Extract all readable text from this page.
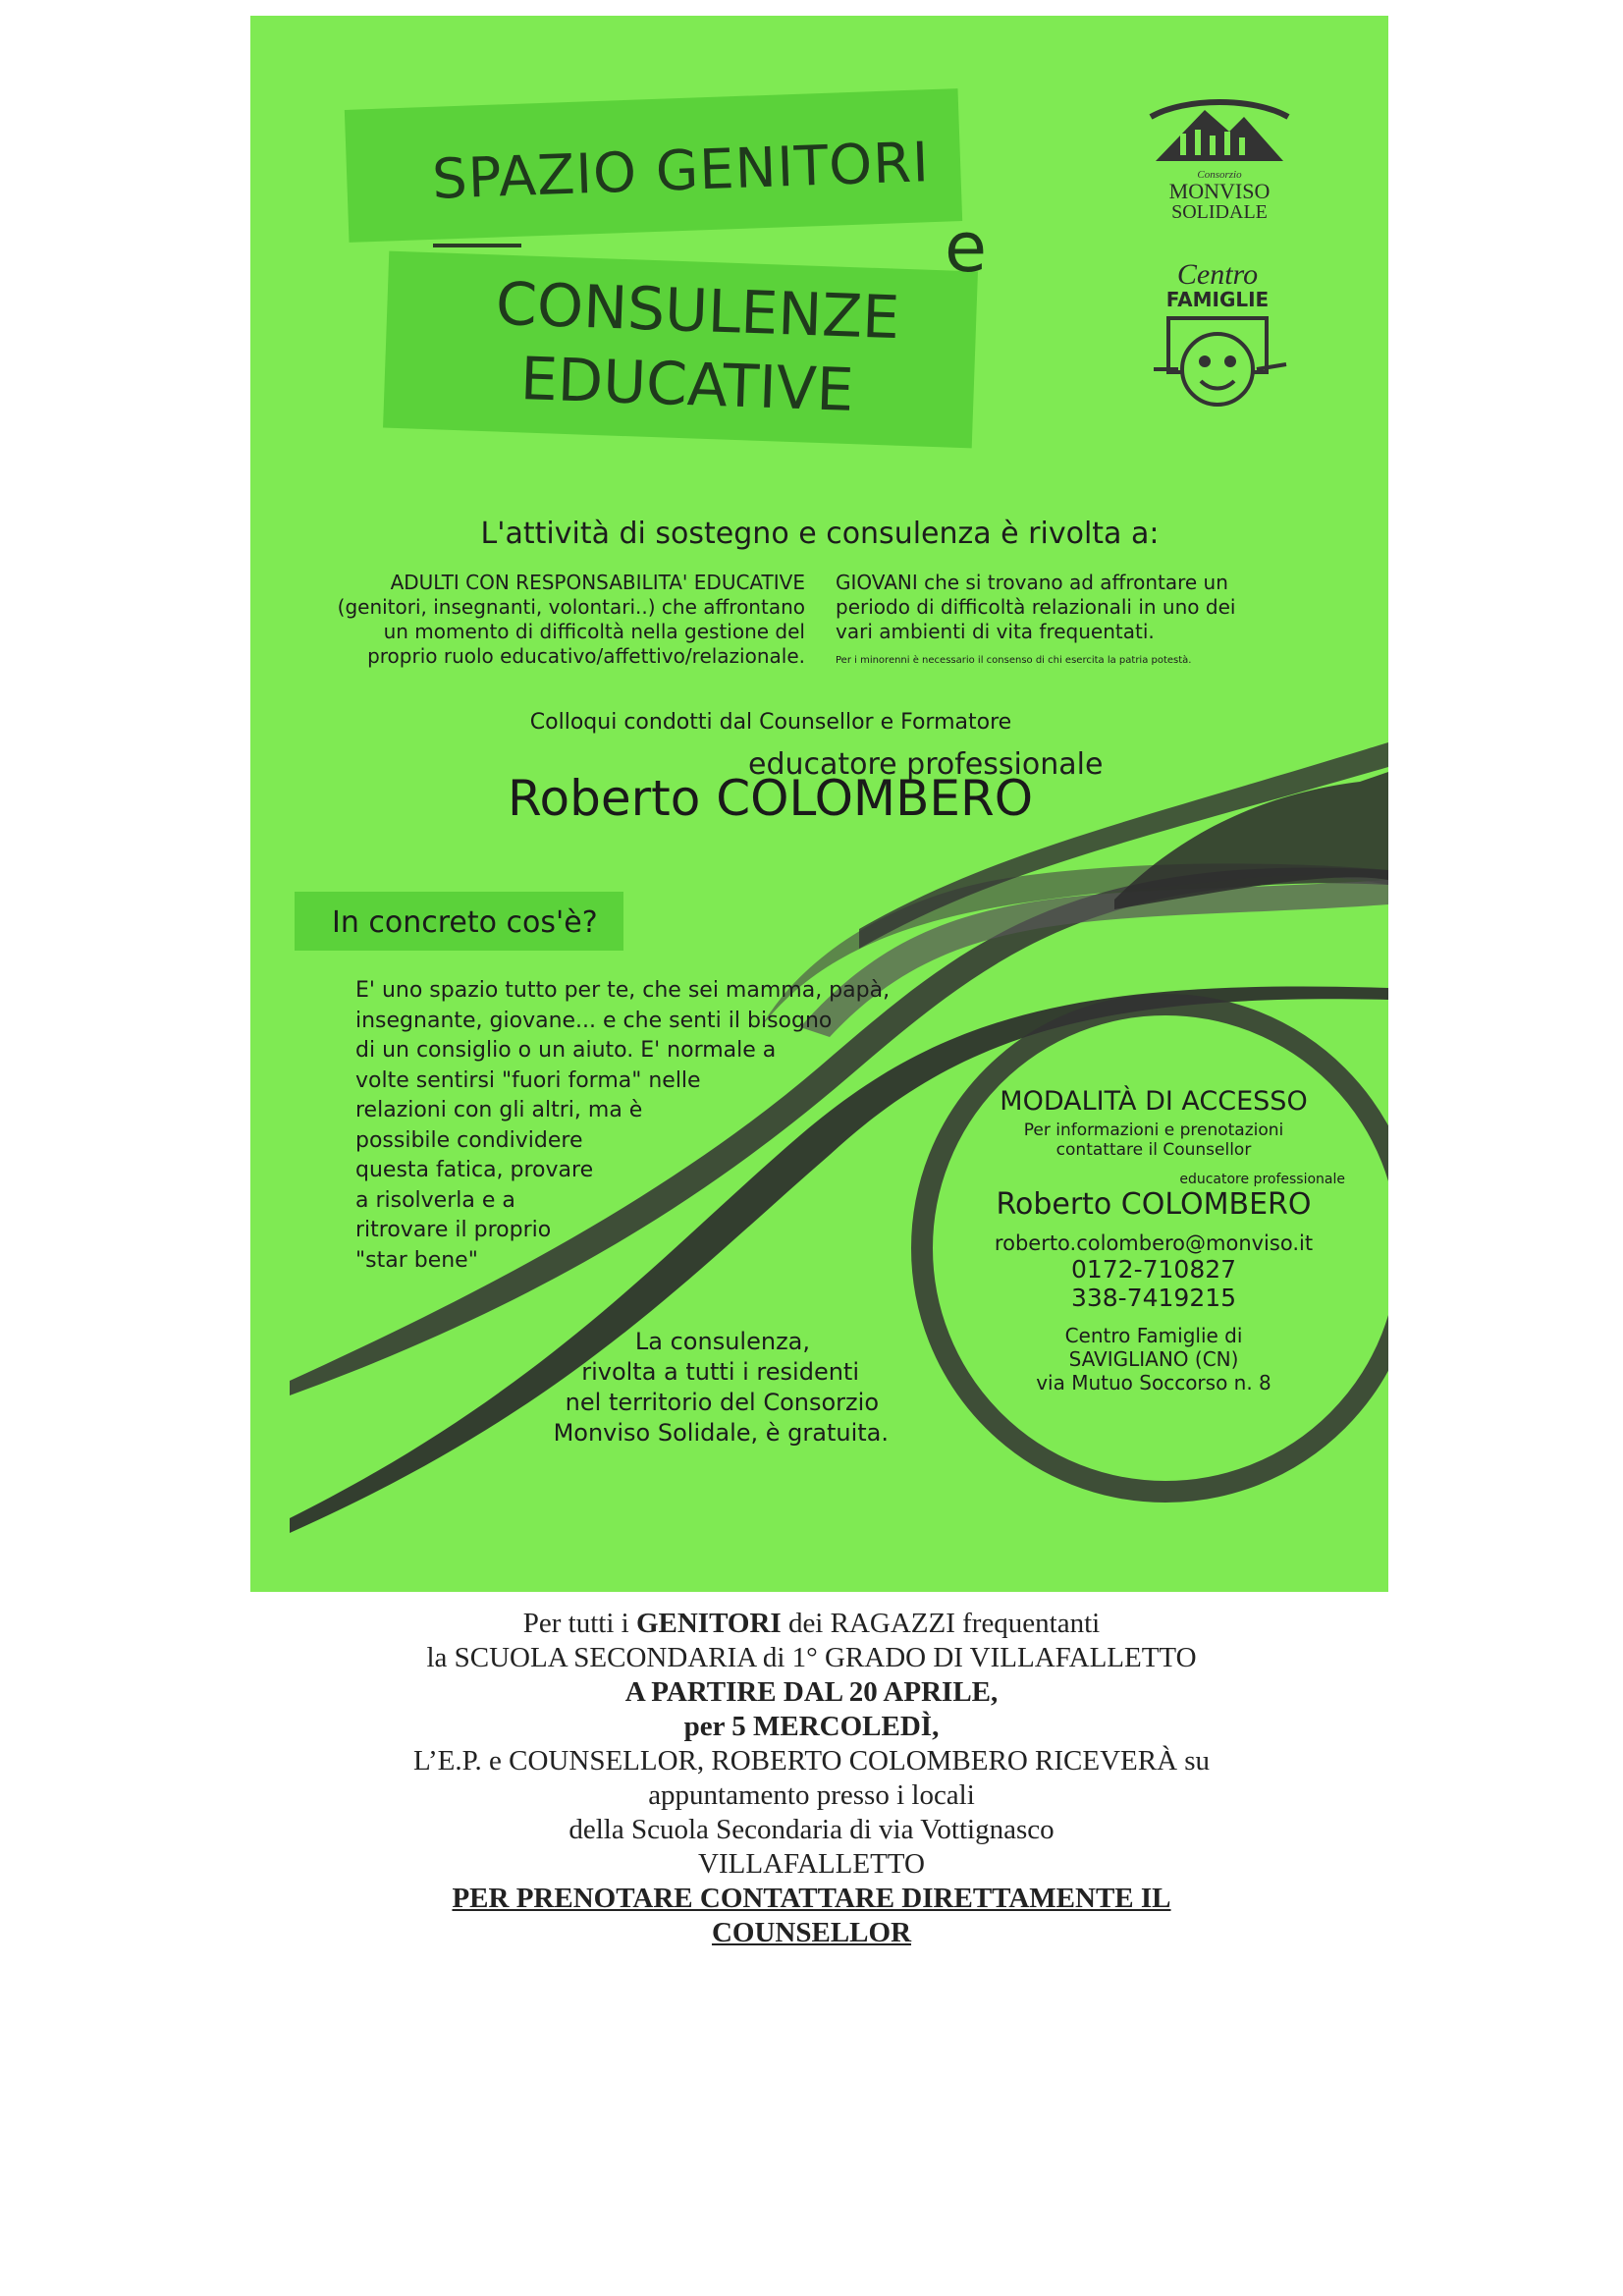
SPAZIO GENITORI
e
CONSULENZE
EDUCATIVE
Consorzio
MONVISO
SOLIDALE
Centro
FAMIGLIE
L'attività di sostegno e consulenza è rivolta a:
ADULTI CON RESPONSABILITA' EDUCATIVE
(genitori, insegnanti, volontari..) che affrontano
un momento di difficoltà nella gestione del
proprio ruolo educativo/affettivo/relazionale.
GIOVANI che si trovano ad affrontare un
periodo di difficoltà relazionali in uno dei
vari ambienti di vita frequentati.
Per i minorenni è necessario il consenso di chi esercita la patria potestà.
Colloqui condotti dal Counsellor e Formatore
educatore professionale
Roberto COLOMBERO
In concreto cos'è?
E' uno spazio tutto per te, che sei mamma, papà,
insegnante, giovane... e che senti il bisogno
di un consiglio o un aiuto. E' normale a
volte sentirsi "fuori forma" nelle
relazioni con gli altri, ma è
possibile condividere
questa fatica, provare
a risolverla e a
ritrovare il proprio
"star bene"
La consulenza,
rivolta a tutti i residenti
nel territorio del Consorzio
Monviso Solidale, è gratuita.
MODALITÀ DI ACCESSO
Per informazioni e prenotazioni
contattare il Counsellor
educatore professionale
Roberto COLOMBERO
roberto.colombero@monviso.it
0172-710827
338-7419215
Centro Famiglie di
SAVIGLIANO (CN)
via Mutuo Soccorso n. 8
Per tutti i GENITORI dei RAGAZZI frequentanti
la SCUOLA SECONDARIA di 1° GRADO DI VILLAFALLETTO
A PARTIRE DAL 20 APRILE,
per 5 MERCOLEDÌ,
L’E.P. e COUNSELLOR, ROBERTO COLOMBERO RICEVERÀ su
appuntamento presso i locali
della Scuola Secondaria di via Vottignasco
VILLAFALLETTO
PER PRENOTARE CONTATTARE DIRETTAMENTE IL
COUNSELLOR
